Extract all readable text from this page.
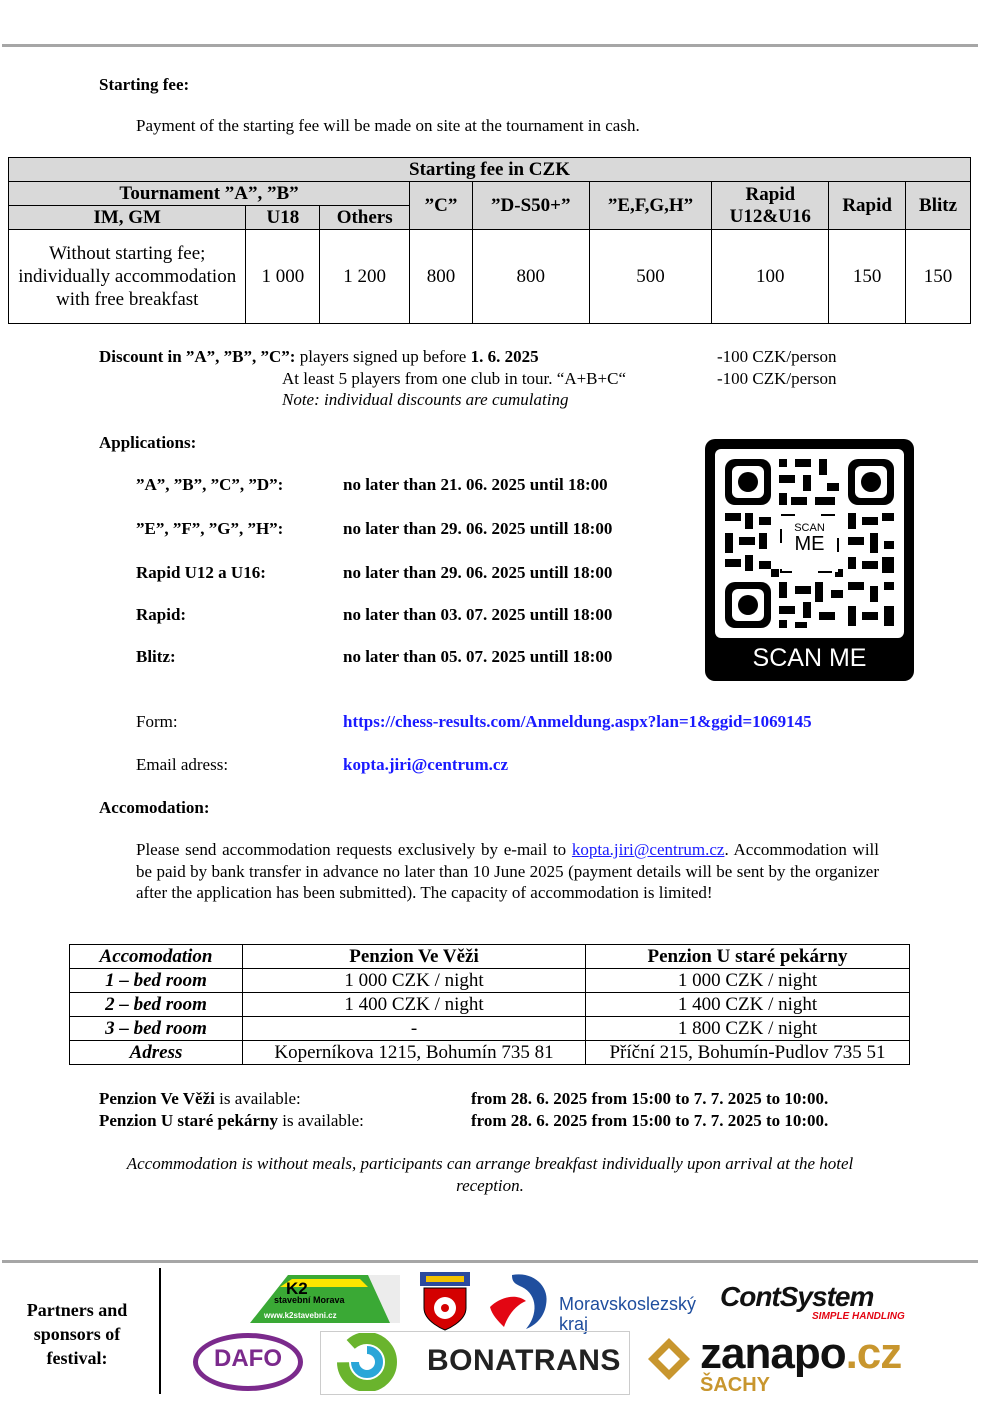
Starting fee:
Payment of the starting fee will be made on site at the tournament in cash.
Starting fee in CZK								
Tournament ”A”, ”B”			”C”	”D-S50+”	”E,F,G,H”	Rapid U12&U16	Rapid	Blitz
IM, GM	U18	Others						
Without starting fee; individually accommodation with free breakfast	1 000	1 200	800	800	500	100	150	150
Discount in ”A”, ”B”, ”C”: players signed up before 1. 6. 2025	-100 CZK/person
At least 5 players from one club in tour. “A+B+C“	-100 CZK/person
Note: individual discounts are cumulating
Applications:
”A”, ”B”, ”C”, ”D”:	no later than 21. 06. 2025 until 18:00
”E”, ”F”, ”G”, ”H”:	no later than 29. 06. 2025 untill 18:00
Rapid U12 a U16:	no later than 29. 06. 2025 untill 18:00
Rapid:	no later than 03. 07. 2025 untill 18:00
Blitz:	no later than 05. 07. 2025 untill 18:00
SCAN
ME
SCAN ME
Form:	https://chess-results.com/Anmeldung.aspx?lan=1&ggid=1069145
Email adress:	kopta.jiri@centrum.cz
Accomodation:
Please send accommodation requests exclusively by e-mail to kopta.jiri@centrum.cz. Accommodation will be paid by bank transfer in advance no later than 10 June 2025 (payment details will be sent by the organizer after the application has been submitted). The capacity of accommodation is limited!
Accomodation	Penzion Ve Věži	Penzion U staré pekárny
1 – bed room	1 000 CZK / night	1 000 CZK / night
2 – bed room	1 400 CZK / night	1 400 CZK / night
3 – bed room	-	1 800 CZK / night
Adress	Koperníkova 1215, Bohumín 735 81	Příční 215, Bohumín-Pudlov 735 51
Penzion Ve Věži is available:	from 28. 6. 2025 from 15:00 to 7. 7. 2025 to 10:00.
Penzion U staré pekárny is available:	from 28. 6. 2025 from 15:00 to 7. 7. 2025 to 10:00.
Accommodation is without meals, participants can arrange breakfast individually upon arrival at the hotel reception.
Partners and sponsors of festival:
K2
stavební Morava
www.k2stavebni.cz
Moravskoslezský
kraj
ContSystem
SIMPLE HANDLING
DAFO	BONATRANS zanapo.cz
ŠACHY
